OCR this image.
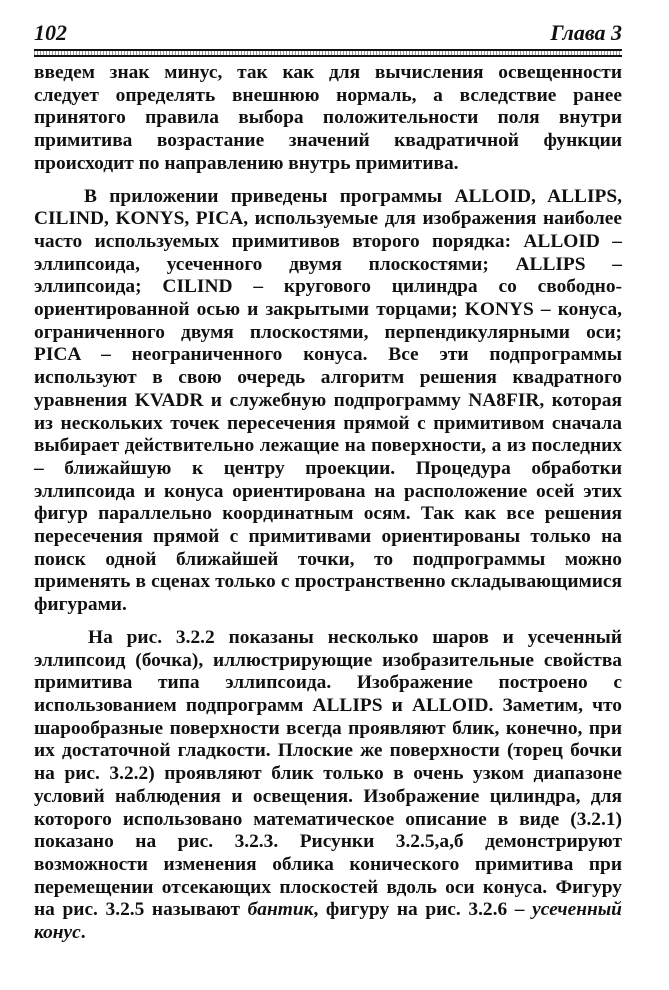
102	Глава 3

введем знак минус, так как для вычисления освещенности следует определять внешнюю нормаль, а вследствие ранее принятого правила выбора положительности поля внутри примитива возрастание значений квадратичной функции происходит по направлению внутрь примитива.

В приложении приведены программы ALLOID, ALLIPS, CILIND, KONYS, PICA, используемые для изображения наиболее часто используемых примитивов второго порядка: ALLOID – эллипсоида, усеченного двумя плоскостями; ALLIPS – эллипсоида; CILIND – кругового цилиндра со свободно-ориентированной осью и закрытыми торцами; KONYS – конуса, ограниченного двумя плоскостями, перпендикулярными оси; PICA – неограниченного конуса. Все эти подпрограммы используют в свою очередь алгоритм решения квадратного уравнения KVADR и служебную подпрограмму NA8FIR, которая из нескольких точек пересечения прямой с примитивом сначала выбирает действительно лежащие на поверхности, а из последних – ближайшую к центру проекции. Процедура обработки эллипсоида и конуса ориентирована на расположение осей этих фигур параллельно координатным осям. Так как все решения пересечения прямой с примитивами ориентированы только на поиск одной ближайшей точки, то подпрограммы можно применять в сценах только с пространственно складывающимися фигурами.

На рис. 3.2.2 показаны несколько шаров и усеченный эллипсоид (бочка), иллюстрирующие изобразительные свойства примитива типа эллипсоида. Изображение построено с использованием подпрограмм ALLIPS и ALLOID. Заметим, что шарообразные поверхности всегда проявляют блик, конечно, при их достаточной гладкости. Плоские же поверхности (торец бочки на рис. 3.2.2) проявляют блик только в очень узком диапазоне условий наблюдения и освещения. Изображение цилиндра, для которого использовано математическое описание в виде (3.2.1) показано на рис. 3.2.3. Рисунки 3.2.5,а,б демонстрируют возможности изменения облика конического примитива при перемещении отсекающих плоскостей вдоль оси конуса. Фигуру на рис. 3.2.5 называют бантик, фигуру на рис. 3.2.6 – усеченный конус.
